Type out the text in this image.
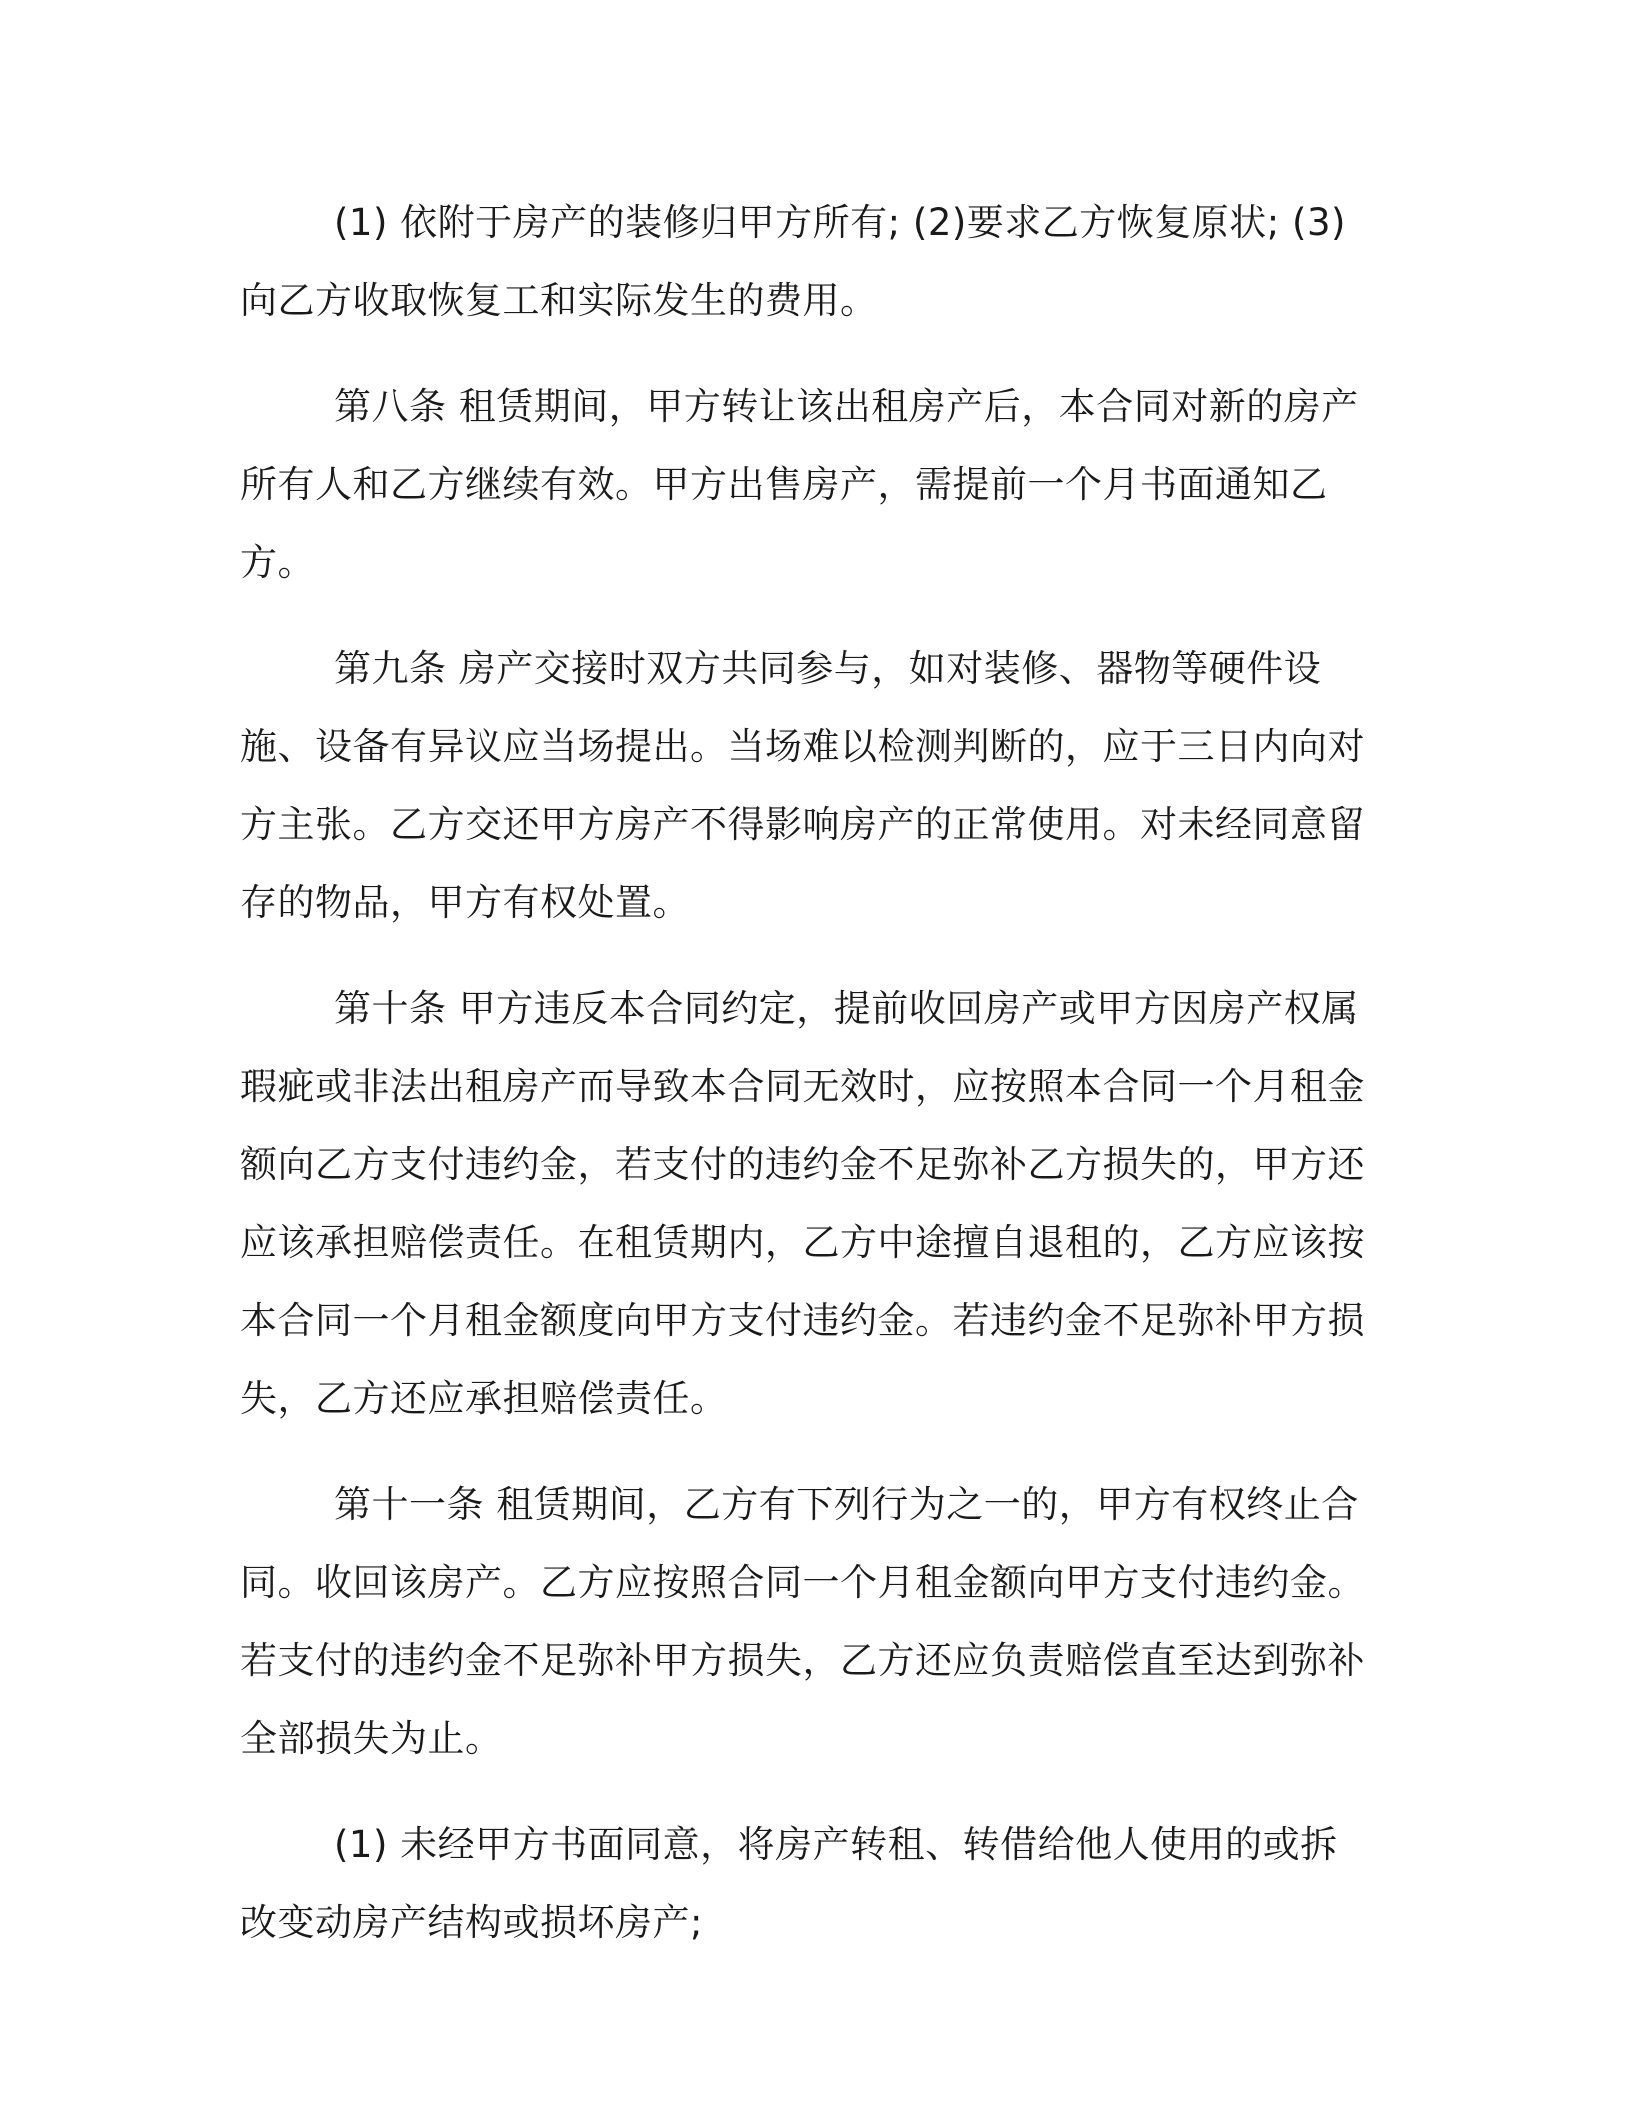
(1) 依附于房产的装修归甲方所有; (2)要求乙方恢复原状; (3)向乙方收取恢复工和实际发生的费用。

第八条 租赁期间，甲方转让该出租房产后，本合同对新的房产所有人和乙方继续有效。甲方出售房产，需提前一个月书面通知乙方。

第九条 房产交接时双方共同参与，如对装修、器物等硬件设施、设备有异议应当场提出。当场难以检测判断的，应于三日内向对方主张。乙方交还甲方房产不得影响房产的正常使用。对未经同意留存的物品，甲方有权处置。

第十条 甲方违反本合同约定，提前收回房产或甲方因房产权属瑕疵或非法出租房产而导致本合同无效时，应按照本合同一个月租金额向乙方支付违约金，若支付的违约金不足弥补乙方损失的，甲方还应该承担赔偿责任。在租赁期内，乙方中途擅自退租的，乙方应该按本合同一个月租金额度向甲方支付违约金。若违约金不足弥补甲方损失，乙方还应承担赔偿责任。

第十一条 租赁期间，乙方有下列行为之一的，甲方有权终止合同。收回该房产。乙方应按照合同一个月租金额向甲方支付违约金。若支付的违约金不足弥补甲方损失，乙方还应负责赔偿直至达到弥补全部损失为止。

(1) 未经甲方书面同意，将房产转租、转借给他人使用的或拆改变动房产结构或损坏房产;
